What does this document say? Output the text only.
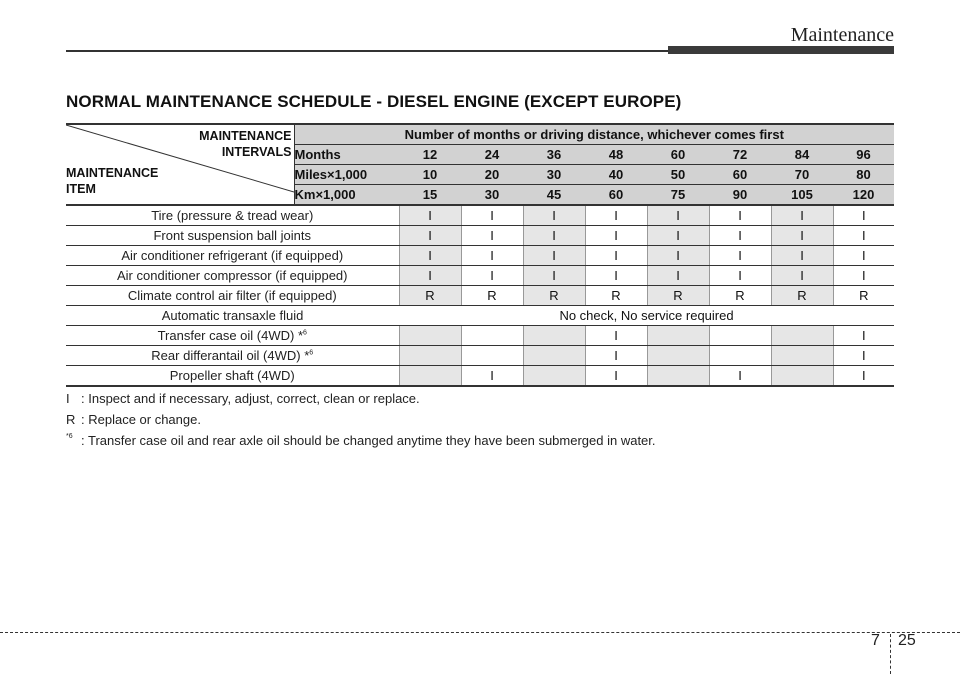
Maintenance
NORMAL MAINTENANCE SCHEDULE - DIESEL ENGINE (EXCEPT EUROPE)
MAINTENANCE
INTERVALS
MAINTENANCE
ITEM	Number of months or driving distance, whichever comes first								
	Months	12	24	36	48	60	72	84	96
	Miles×1,000	10	20	30	40	50	60	70	80
	Km×1,000	15	30	45	60	75	90	105	120
Tire (pressure & tread wear)		I	I	I	I	I	I	I	I
Front suspension ball joints		I	I	I	I	I	I	I	I
Air conditioner refrigerant (if equipped)		I	I	I	I	I	I	I	I
Air conditioner compressor (if equipped)		I	I	I	I	I	I	I	I
Climate control air filter (if equipped)		R	R	R	R	R	R	R	R
Automatic transaxle fluid		No check, No service required							
Transfer case oil (4WD) *$^6$					I				I
Rear differantail oil (4WD) *$^6$					I				I
Propeller shaft (4WD)			I		I		I		I
I : Inspect and if necessary, adjust, correct, clean or replace.
R : Replace or change.
$^{*6}$ : Transfer case oil and rear axle oil should be changed anytime they have been submerged in water.
7 25
